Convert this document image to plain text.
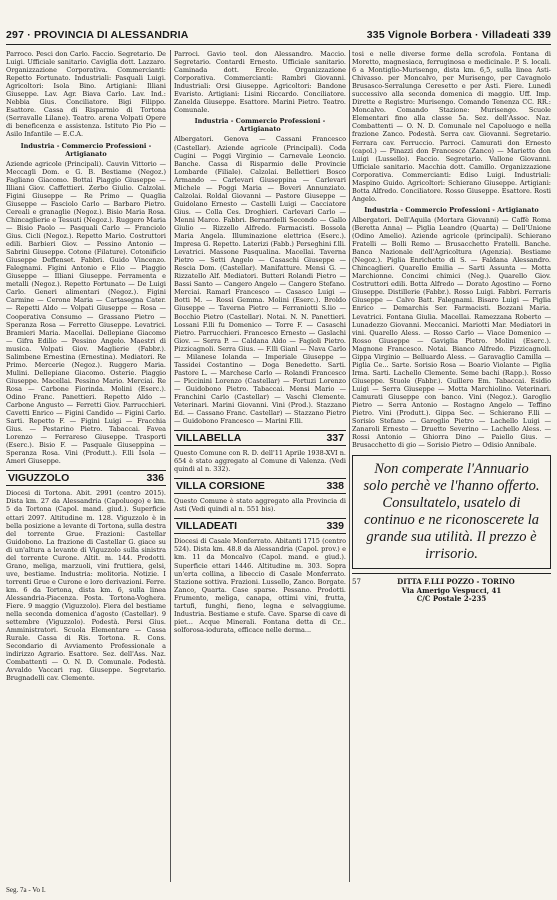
297 · PROVINCIA DI ALESSANDRIA	335 Vignole Borbera · Villadeati 339

Parroco. Pesci don Carlo. Faccio. Segretario. De Luigi. Ufficiale sanitario. Caviglia dott. Lazzaro. Organizzazione Corporativa. Commercianti: Repetto Fortunato. Industriali: Pasquali Luigi. Agricoltori: Isola Bino. Artigiani: Illiani Giuseppe. Lav. Agr. Biava Carlo. Lav. Ind.: Nebbia Gius. Conciliatore. Bigi Filippo. Esattore. Cassa di Risparmio di Tortona (Serravalle Lilane). Teatro. arena Volpati Opere di beneficenza e assistenza. Istituto Pio Pio — Asilo Infantile — E.C.A.

Industria - Commercio Professioni - Artigianato

Aziende agricole (Principali). Cauvin Vittorio — Meccagli Dom. e G. B. Bestiame (Negoz.) Fagliano Giacomo. Bottai Piaggio Giuseppe — Illiani Giov. Caffettieri. Zerbo Giulio. Calzolai. Figini Giuseppe — Re Primo — Quaglia Giuseppe — Fasciolo Carlo — Barbaro Pietro. Cereali e granaglie (Negoz.). Bisio Maria Rosa. Chincaglierie e Tessuti (Negoz.). Ruggero Maria — Bisio Paolo — Pasquali Carlo — Franciolo Gius. Cicli (Negoz.). Repetto Mario. Costruttori edili. Barbieri Giov. — Pessino Antonio — Sabrini Giuseppe. Cotone (Filature). Cotonificio Giuseppe Deffenset. Fabbri. Guido Vincenzo. Falegnami. Figini Antonio e F.lio — Piaggio Giuseppe — Illiani Giuseppe. Ferramenta e metalli (Negoz.). Repetto Fortunato — De Luigi Carlo. Generi alimentari (Negoz.). Figini Carmine — Cerone Maria — Cartasegna Cater. — Repetti Aldo — Volpati Giuseppe — Rosa — Cooperativa Consumo — Grassano Pietro — Speranza Rosa — Ferretto Giuseppe. Levatrici. Bramieri Maria. Macellai. Dellepiane Giacomo — Gifra Edilio — Pessino Angelo. Maestri di musica. Volpati Giov. Maglierie (Fabbr.). Salimbene Ernestina (Ernestina). Mediatori. Re Primo. Mercerie (Negoz.). Ruggero Maria. Mulini. Dellepiane Giacomo. Osterie. Piaggio Giuseppe. Macellai. Pessino Mario. Merciai. Re Rosa — Carbone Fiorinda. Molini (Eserc.). Odino Franc. Panettieri. Repetto Aldo — Carbone Angusto — Ferretti Giov. Parrucchieri. Cavetti Enrico — Figini Candido — Figini Carlo. Sarti. Repetto F. — Figini Luigi — Fracchia Gius. — Pestarino Pietro. Tabaccai. Favea Lorenzo — Ferrareso Giuseppe. Trasporti (Eserc.). Bisio F. — Pasquale Giuseppina — Speranza Rosa. Vini (Produtt.). F.lli Isola — Ameri Giuseppe.

VIGUZZOLO	336

Diocesi di Tortona. Abit. 2991 (centro 2015). Dista km. 27 da Alessandria (Capoluogo) e km. 5 da Tortona (Capol. mand. giud.). Superficie ettari 2097. Altitudine m. 128. Viguzzolo è in bella posizione a levante di Tortona, sulla destra del torrente Grue. Frazioni: Castellar Guidobono. La frazione di Castellar G. giace su di un'altura a levante di Viguzzolo sulla sinistra del torrente Curone. Altit. m. 144. Prodotti. Grano, meliga, marzuoli, vini fruttiera, gelsi, uve, bestiame. Industria: molitoria. Notizie. I torrenti Grue e Curone e loro derivazioni. Ferre. km. 6 da Tortona, dista km. 6, sulla linea Alessandria-Piacenza. Posta. Tortona-Voghera. Fiere. 9 maggio (Viguzzolo). Fiera del bestiame nella seconda domenica d'agosto (Castellar). 9 settembre (Viguzzolo). Podestà. Persi Gius. Amministratori. Scuola Elementare — Cassa Rurale. Cassa di Ris. Tortona. R. Cons. Secondario di Avviamento Professionale a indirizzo Agrario. Esattore. Sez. dell'Ass. Naz. Combattenti — O. N. D. Comunale. Podestà. Avvaldo Vaccari rag. Giuseppe. Segretario. Brugnadelli cav. Clemente.

Parroci. Gavio teol. don Alessandro. Maccio. Segretario. Contardi Ernesto. Ufficiale sanitario. Caminada dott. Ercole. Organizzazione Corporativa. Commercianti: Rambri Giovanni. Industriali: Orsi Giuseppe. Agricoltori: Bandone Evaristo. Artigiani: Lisini Riccardo. Conciliatore. Zanelda Giuseppe. Esattore. Marini Pietro. Teatro. Comunale.

Industria - Commercio Professioni - Artigianato

Albergatori. Genova — Cassani Francesco (Castellar). Aziende agricole (Principali). Coda Cugini — Poggi Virginio — Carnevale Leoncio. Banche. Cassa di Risparmio delle Provincie Lombarde (Filiale). Calzolai. Bellettieri Bosco Armando — Carlevari Giuseppina — Carlevari Michele — Poggi Maria — Boveri Annunziato. Calzolai. Roldal Giovanni — Pastore Giuseppe — Guidolano Ernesto — Castelli Luigi — Cacciatore Gius. — Colla Ces. Droghieri. Carlevari Carlo — Menni Marco. Fabbri. Bernardelli Secondo — Gallo Giulio — Rizzello Alfredo. Farmacisti. Bossola Maria Angela. Illuminazione elettrica (Eserc.). Impresa G. Repetto. Laterizi (Fabb.) Perseghini f.lli. Levatrici. Massone Pasqualina. Macellai. Taverna Pietro — Setti Angelo — Casaschi Giuseppe — Rescia Dom. (Castellar). Manifatture. Mensi G. — Rizzatello Alf. Mediatori. Butteri Rolandi Pietro — Bassi Santo — Cangero Angelo — Cangero Stefano. Merciai. Ramarl Francesco — Casasco Luigi — Botti M. — Rossi Gemma. Molini (Eserc.). Broldo Giuseppe — Taverna Pietro — Ferraniotti S.lio — Bocchio Pietro (Castellar). Notai. N. N. Panettieri. Lossani F.lli fu Domenico — Torre F. — Casaschi Pietro. Parrucchieri. Francesco Ernesto — Gaslachi Giov. — Serra P. — Caldana Aldo — Fagioli Pietro. Pizzicagnoli. Serra Gius. — F.lli Gianl — Nava Carlo — Milanese Iolanda — Imperiale Giuseppe — Tassidei Costantino — Doga Benedetto. Sarti. Pastore L. — Marchese Carlo — Rolandi Francesco — Piccinini Lorenzo (Castellar) — Fortuzi Lorenzo — Guidobono Pietro. Tabaccai. Mensi Mario — Franchini Carlo (Castellar) — Vaschi Clemente. Veterinari. Marini Giovanni. Vini (Prod.). Stazzano Ed. — Cassano Franc. Castellar) — Stazzano Pietro — Guidobono Francesco — Marini F.lli.

VILLABELLA	337

Questo Comune con R. D. dell'11 Aprile 1938-XVI n. 654 è stato aggregato al Comune di Valenza. (Vedi quindi al n. 332).

VILLA CORSIONE	338

Questo Comune è stato aggregato alla Provincia di Asti (Vedi quindi al n. 551 bis).

VILLADEATI	339

Diocesi di Casale Monferrato. Abitanti 1715 (centro 524). Dista km. 48.8 da Alessandria (Capol. prov.) e km. 11 da Moncalvo (Capol. mand. e giud.). Superficie ettari 1446. Altitudine m. 303. Sopra un'erta collina, a libeccio di Casale Monferrato. Stazione sottiva. Frazioni. Lussello, Zanco. Borgate. Zanco, Quarta. Case sparse. Pessano. Prodotti. Frumento, meliga, canapa, ottimi vini, frutta, tartufi, funghi, fieno, legna e selvaggiume. Industria. Bestiame e stufe. Cave. Sparse di cave di piet... Acque Minerali. Fontana detta di Cr... solforosa-iodurata, efficace nelle derma...

tosi e nelle diverse forme della scrofola. Fontana di Moretto, magnesiaca, ferruginosa e medicinale. P. S. locali. 6 a Montiglio-Murisengo, dista km. 6,5, sulla linea Asti-Chivasso. per Moncalvo, per Murisengo, per Cavagnolo Brusasco-Serralunga Ceresetto e per Asti. Fiere. Lunedì successivo alla seconda domenica di maggio. Uff. Imp. Dirette e Registro: Murisengo. Comando Tenenza CC. RR.: Moncalvo. Comando Stazione: Murisengo. Scuole Elementari fino alla classe 5a. Sez. dell'Assoc. Naz. Combattenti — O. N. D. Comunale nel Capoluogo e nella frazione Zanco. Podestà. Serra cav. Giovanni. Segretario. Ferrara cav. Ferruccio. Parroci. Camurati don Ernesto (capol.) — Pinazzi don Francesco (Zanco) — Marietto don Luigi (Lussello). Faccio. Segretario. Vallone Giovanni. Ufficiale sanitario. Macchia dott. Camillo. Organizzazione Corporativa. Commercianti: Ediso Luigi. Industriali: Maspino Guido. Agricoltori: Schierano Giuseppe. Artigiani: Botta Alfredo. Conciliatore. Rosso Giuseppe. Esattore. Rosti Angelo.

Industria - Commercio Professioni - Artigianato

Albergatori. Dell'Aquila (Mortara Giovanni) — Caffè Roma (Beretta Anna) — Piglia Leandro (Quarta) — Dell'Unione (Odino Amelio). Aziende agricole (principali). Schierano Fratelli — Bolli Remo — Brusacchetto Fratelli. Banche. Banca Nazionale dell'Agricoltura (Agenzia). Bestiame (Negoz.). Piglia Enrichetto di S. — Faldana Alessandro. Chincaglieri. Quarello Emilia — Sarti Assunta — Motta Marchionne. Concimi chimici (Neg.). Quarello Giov. Costruttori edili. Botta Alfredo — Dorato Agostino — Forno Giuseppe. Distillerie (Fabbr.). Rosso Luigi. Fabbri. Ferraris Giuseppe — Calvo Batt. Falegnami. Bisaro Luigi — Piglia Enrico — Demarchis Ser. Farmacisti. Bozzani Maria. Levatrici. Fontana Giulia. Macellai. Ramezzana Roberto — Lunadezzo Giovanni. Meccanici. Mariotti Mar. Mediatori in vini. Quarello Aless. — Rosso Carlo — Viace Domenico — Rosso Giuseppe — Gaviglia Pietro. Molini (Eserc.). Magnone Francesco. Notai. Bianco Alfredo. Pizzicagnoli. Gippa Virginio — Belluardo Aless. — Garavaglio Camilla — Piglia Ce... Sarte. Sorisio Rosa — Boario Violante — Piglia Irma. Sarti. Lachello Clemente. Seme bachi (Rapp.). Rosso Giuseppe. Stuole (Fabbr.). Guillero Em. Tabaccai. Esidio Luigi — Serra Giuseppe — Motta Marchiolino. Veterinari. Camurati Giuseppe con banco. Vini (Negoz.). Garoglio Pietro — Serra Antonio — Rostagno Angelo — Teffino Pietro. Vini (Produtt.). Gippa Sec. — Schierano F.lli — Sorisio Stefano — Garoglio Pietro — Lachello Luigi — Zanaroli Ernesto — Druetto Severino — Lachello Aless. — Rossi Antonio — Ghiorra Dino — Paiello Gius. — Brusacchetto di gio — Sorisio Pietro — Odisio Annibale.

Non comperate l'Annuario solo perchè ve l'hanno offerto. Consultatelo, usatelo di continuo e ne riconoscerete la grande sua utilità. Il prezzo è irrisorio.
57	DITTA F.LLI POZZO - TORINO
Via Amerigo Vespucci, 41
C/C Postale 2-235
Seg. 7a - Vo I.
